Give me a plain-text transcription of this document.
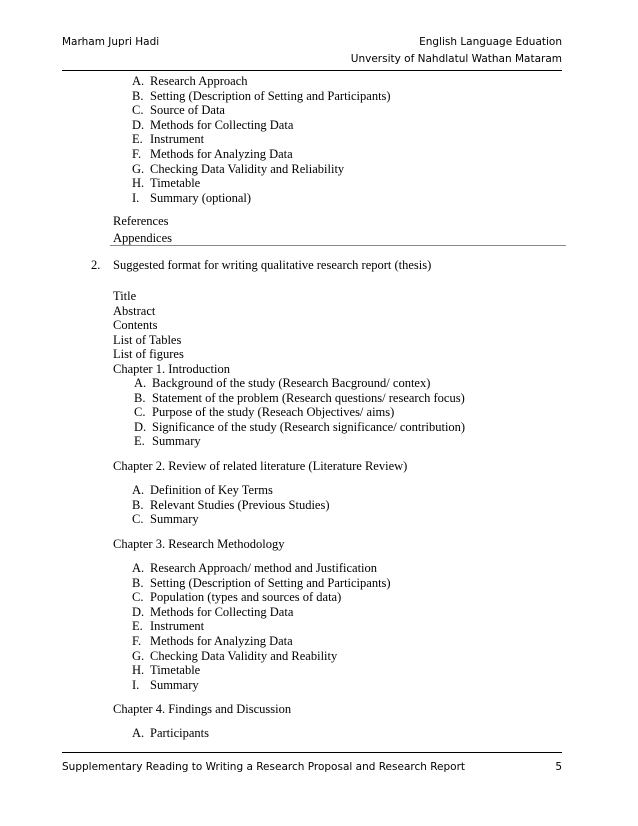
Marham Jupri Hadi	English Language Eduation
Unversity of Nahdlatul Wathan Mataram
A. Research Approach
B. Setting (Description of Setting and Participants)
C. Source of Data
D. Methods for Collecting Data
E. Instrument
F. Methods for Analyzing Data
G. Checking Data Validity and Reliability
H. Timetable
I. Summary (optional)
References
Appendices
2. Suggested format for writing qualitative research report (thesis)
Title
Abstract
Contents
List of Tables
List of figures
Chapter 1. Introduction
A. Background of the study (Research Bacground/ contex)
B. Statement of the problem (Research questions/ research focus)
C. Purpose of the study (Reseach Objectives/ aims)
D. Significance of the study (Research significance/ contribution)
E. Summary
Chapter 2. Review of related literature (Literature Review)
A. Definition of Key Terms
B. Relevant Studies (Previous Studies)
C. Summary
Chapter 3. Research Methodology
A. Research Approach/ method and Justification
B. Setting (Description of Setting and Participants)
C. Population (types and sources of data)
D. Methods for Collecting Data
E. Instrument
F. Methods for Analyzing Data
G. Checking Data Validity and Reability
H. Timetable
I. Summary
Chapter 4. Findings and Discussion
A. Participants
Supplementary Reading to Writing a Research Proposal and Research Report	5
